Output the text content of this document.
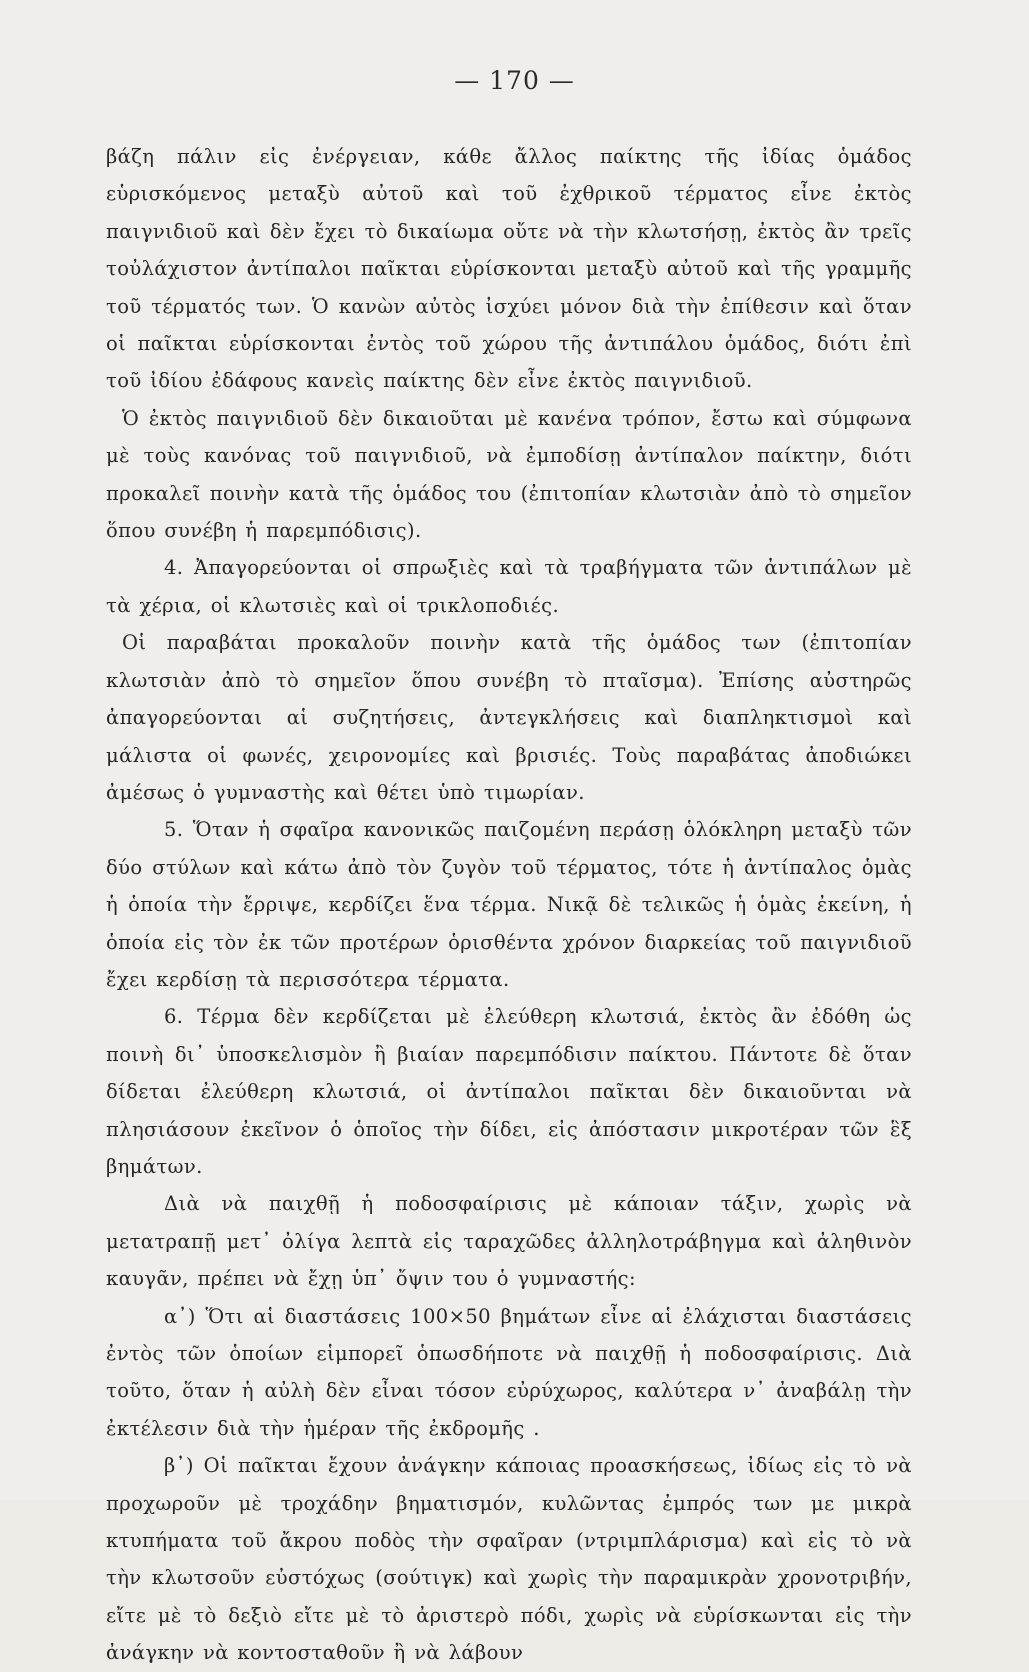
— 170 —

βάζη πάλιν εἰς ἐνέργειαν, κάθε ἄλλος παίκτης τῆς ἰδίας ὁμάδος εὑρισκόμενος μεταξὺ αὐτοῦ καὶ τοῦ ἐχθρικοῦ τέρματος εἶνε ἐκτὸς παιγνιδιοῦ καὶ δὲν ἔχει τὸ δικαίωμα οὔτε νὰ τὴν κλωτσήσῃ, ἐκτὸς ἂν τρεῖς τοὐλάχιστον ἀντίπαλοι παῖκται εὑρίσκονται μεταξὺ αὐτοῦ καὶ τῆς γραμμῆς τοῦ τέρματός των. Ὁ κανὼν αὐτὸς ἰσχύει μόνον διὰ τὴν ἐπίθεσιν καὶ ὅταν οἱ παῖκται εὑρίσκονται ἐντὸς τοῦ χώρου τῆς ἀντιπάλου ὁμάδος, διότι ἐπὶ τοῦ ἰδίου ἐδάφους κανεὶς παίκτης δὲν εἶνε ἐκτὸς παιγνιδιοῦ.

Ὁ ἐκτὸς παιγνιδιοῦ δὲν δικαιοῦται μὲ κανένα τρόπον, ἔστω καὶ σύμφωνα μὲ τοὺς κανόνας τοῦ παιγνιδιοῦ, νὰ ἐμποδίσῃ ἀντίπαλον παίκτην, διότι προκαλεῖ ποινὴν κατὰ τῆς ὁμάδος του (ἐπιτοπίαν κλωτσιὰν ἀπὸ τὸ σημεῖον ὅπου συνέβη ἡ παρεμπόδισις).

4. Ἀπαγορεύονται οἱ σπρωξιὲς καὶ τὰ τραβήγματα τῶν ἀντιπάλων μὲ τὰ χέρια, οἱ κλωτσιὲς καὶ οἱ τρικλοποδιές.

Οἱ παραβάται προκαλοῦν ποινὴν κατὰ τῆς ὁμάδος των (ἐπιτοπίαν κλωτσιὰν ἀπὸ τὸ σημεῖον ὅπου συνέβη τὸ πταῖσμα). Ἐπίσης αὐστηρῶς ἀπαγορεύονται αἱ συζητήσεις, ἀντεγκλήσεις καὶ διαπληκτισμοὶ καὶ μάλιστα οἱ φωνές, χειρονομίες καὶ βρισιές. Τοὺς παραβάτας ἀποδιώκει ἀμέσως ὁ γυμναστὴς καὶ θέτει ὑπὸ τιμωρίαν.

5. Ὅταν ἡ σφαῖρα κανονικῶς παιζομένη περάσῃ ὁλόκληρη μεταξὺ τῶν δύο στύλων καὶ κάτω ἀπὸ τὸν ζυγὸν τοῦ τέρματος, τότε ἡ ἀντίπαλος ὁμὰς ἡ ὁποία τὴν ἔρριψε, κερδίζει ἕνα τέρμα. Νικᾷ δὲ τελικῶς ἡ ὁμὰς ἐκείνη, ἡ ὁποία εἰς τὸν ἐκ τῶν προτέρων ὁρισθέντα χρόνον διαρκείας τοῦ παιγνιδιοῦ ἔχει κερδίσῃ τὰ περισσότερα τέρματα.

6. Τέρμα δὲν κερδίζεται μὲ ἐλεύθερη κλωτσιά, ἐκτὸς ἂν ἐδόθη ὡς ποινὴ δι᾽ ὑποσκελισμὸν ἢ βιαίαν παρεμπόδισιν παίκτου. Πάντοτε δὲ ὅταν δίδεται ἐλεύθερη κλωτσιά, οἱ ἀντίπαλοι παῖκται δὲν δικαιοῦνται νὰ πλησιάσουν ἐκεῖνον ὁ ὁποῖος τὴν δίδει, εἰς ἀπόστασιν μικροτέραν τῶν ἓξ βημάτων.

Διὰ νὰ παιχθῇ ἡ ποδοσφαίρισις μὲ κάποιαν τάξιν, χωρὶς νὰ μετατραπῇ μετ᾽ ὀλίγα λεπτὰ εἰς ταραχῶδες ἀλληλοτράβηγμα καὶ ἀληθινὸν καυγᾶν, πρέπει νὰ ἔχῃ ὑπ᾽ ὄψιν του ὁ γυμναστής:

α᾽) Ὅτι αἱ διαστάσεις 100×50 βημάτων εἶνε αἱ ἐλάχισται διαστάσεις ἐντὸς τῶν ὁποίων εἱμπορεῖ ὁπωσδήποτε νὰ παιχθῇ ἡ ποδοσφαίρισις. Διὰ τοῦτο, ὅταν ἡ αὐλὴ δὲν εἶναι τόσον εὐρύχωρος, καλύτερα ν᾽ ἀναβάλῃ τὴν ἐκτέλεσιν διὰ τὴν ἡμέραν τῆς ἐκδρομῆς .

β᾽) Οἱ παῖκται ἔχουν ἀνάγκην κάποιας προασκήσεως, ἰδίως εἰς τὸ νὰ προχωροῦν μὲ τροχάδην βηματισμόν, κυλῶντας ἐμπρός των με μικρὰ κτυπήματα τοῦ ἄκρου ποδὸς τὴν σφαῖραν (ντριμπλάρισμα) καὶ εἰς τὸ νὰ τὴν κλωτσοῦν εὐστόχως (σούτιγκ) καὶ χωρὶς τὴν παραμικρὰν χρονοτριβήν, εἴτε μὲ τὸ δεξιὸ εἴτε μὲ τὸ ἀριστερὸ πόδι, χωρὶς νὰ εὑρίσκωνται εἰς τὴν ἀνάγκην νὰ κοντοσταθοῦν ἢ νὰ λάβουν
